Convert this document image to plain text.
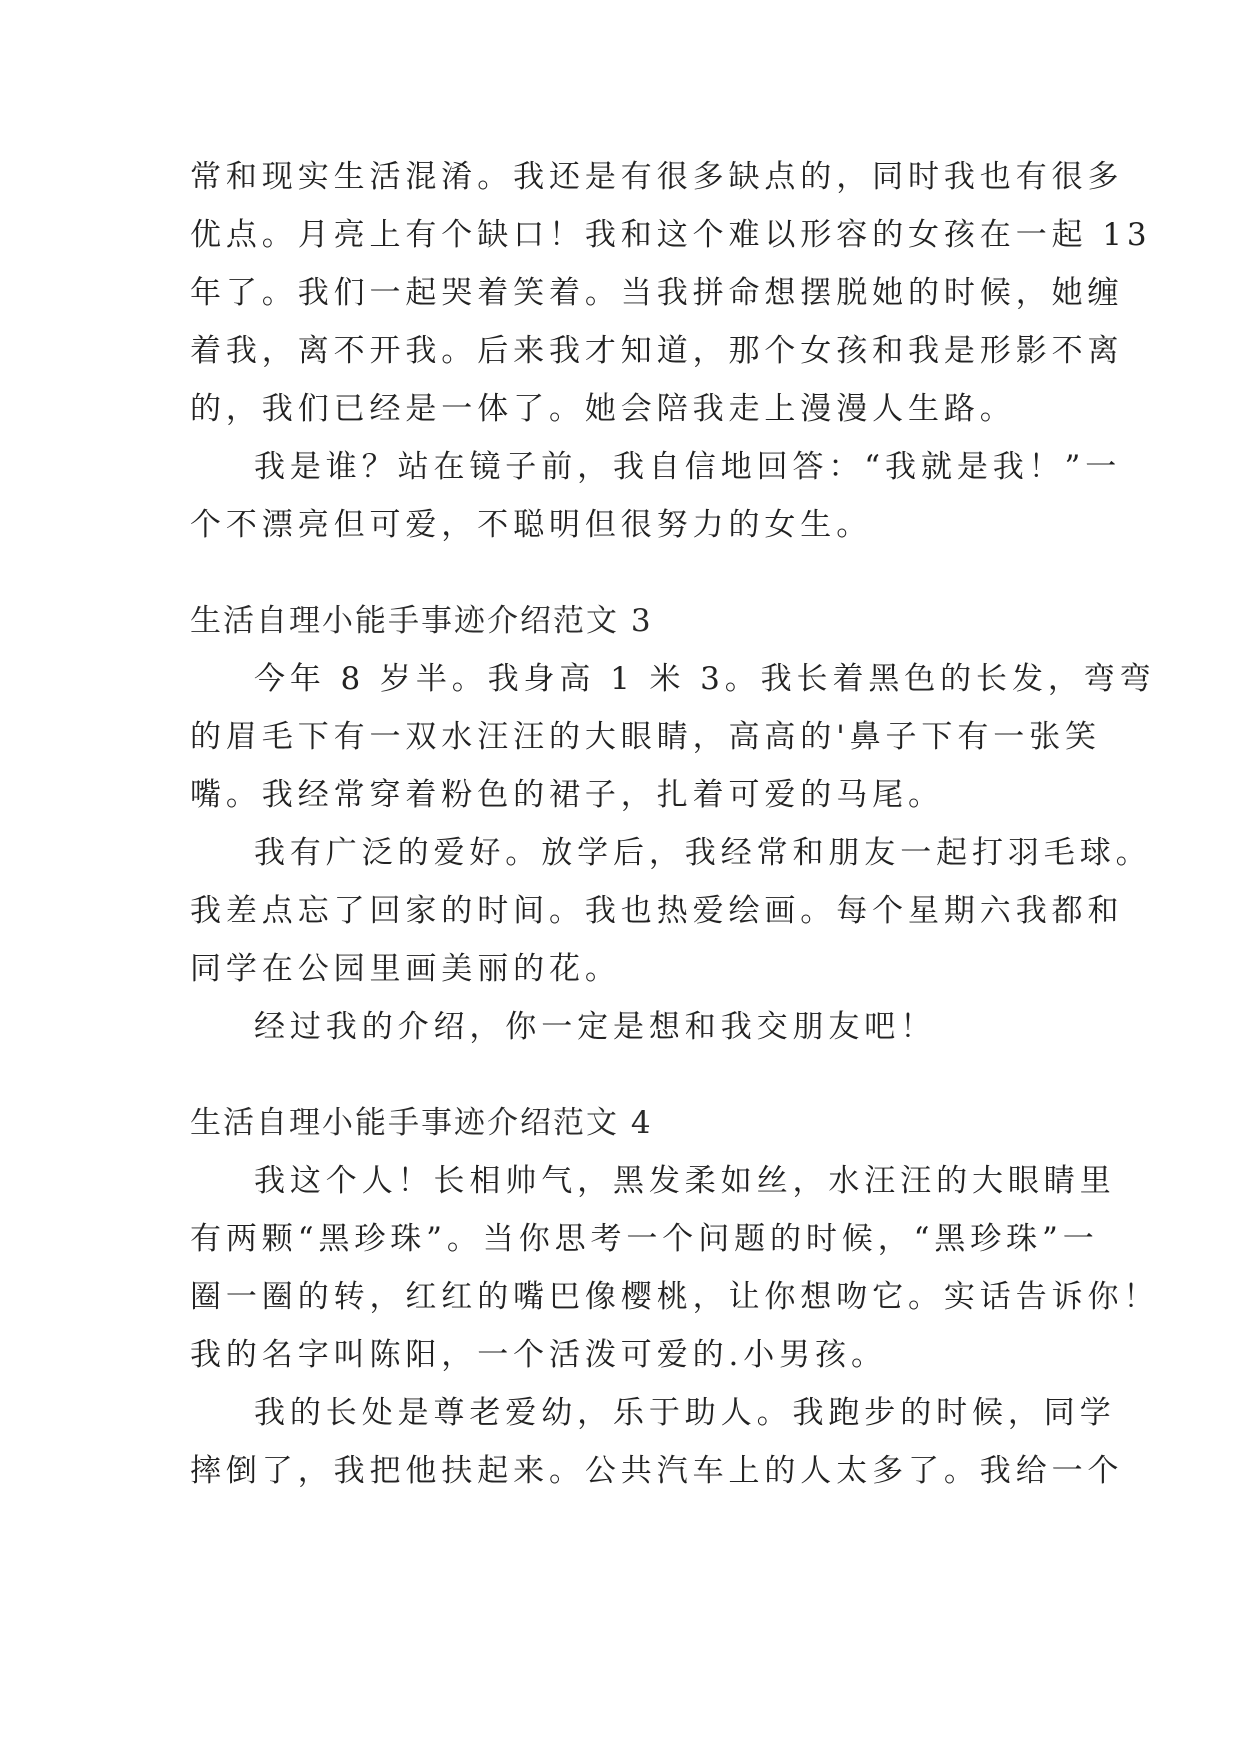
常和现实生活混淆。我还是有很多缺点的，同时我也有很多
优点。月亮上有个缺口！我和这个难以形容的女孩在一起 13
年了。我们一起哭着笑着。当我拼命想摆脱她的时候，她缠
着我，离不开我。后来我才知道，那个女孩和我是形影不离
的，我们已经是一体了。她会陪我走上漫漫人生路。
我是谁？站在镜子前，我自信地回答：“我就是我！”一
个不漂亮但可爱，不聪明但很努力的女生。
生活自理小能手事迹介绍范文 3
今年 8 岁半。我身高 1 米 3。我长着黑色的长发，弯弯
的眉毛下有一双水汪汪的大眼睛，高高的'鼻子下有一张笑
嘴。我经常穿着粉色的裙子，扎着可爱的马尾。
我有广泛的爱好。放学后，我经常和朋友一起打羽毛球。
我差点忘了回家的时间。我也热爱绘画。每个星期六我都和
同学在公园里画美丽的花。
经过我的介绍，你一定是想和我交朋友吧！
生活自理小能手事迹介绍范文 4
我这个人！长相帅气，黑发柔如丝，水汪汪的大眼睛里
有两颗“黑珍珠”。当你思考一个问题的时候，“黑珍珠”一
圈一圈的转，红红的嘴巴像樱桃，让你想吻它。实话告诉你！
我的名字叫陈阳，一个活泼可爱的.小男孩。
我的长处是尊老爱幼，乐于助人。我跑步的时候，同学
摔倒了，我把他扶起来。公共汽车上的人太多了。我给一个
